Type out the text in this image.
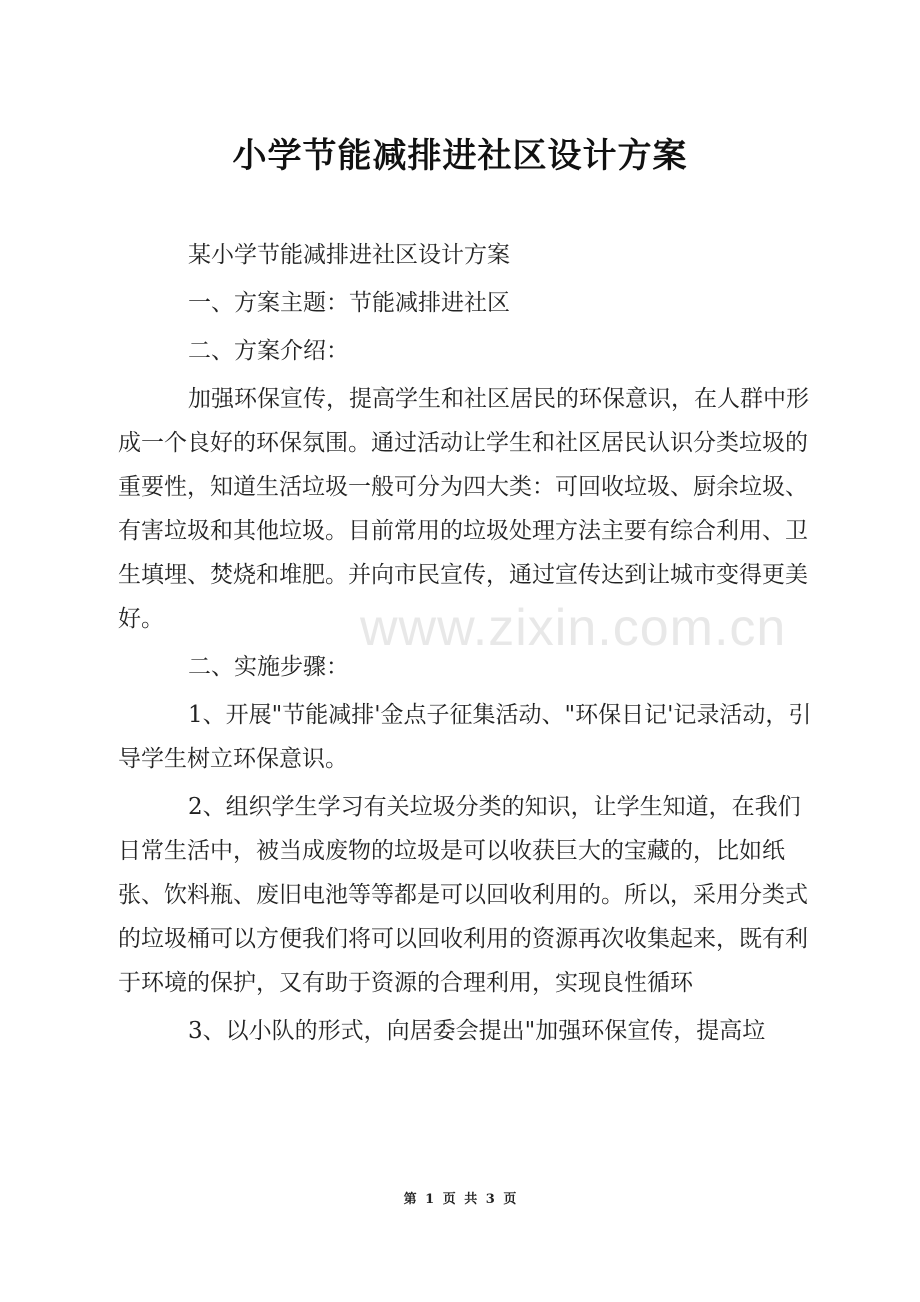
小学节能减排进社区设计方案

某小学节能减排进社区设计方案

一、方案主题：节能减排进社区

二、方案介绍：

加强环保宣传，提高学生和社区居民的环保意识，在人群中形成一个良好的环保氛围。通过活动让学生和社区居民认识分类垃圾的重要性，知道生活垃圾一般可分为四大类：可回收垃圾、厨余垃圾、有害垃圾和其他垃圾。目前常用的垃圾处理方法主要有综合利用、卫生填埋、焚烧和堆肥。并向市民宣传，通过宣传达到让城市变得更美好。

二、实施步骤：

1、开展"节能减排'金点子征集活动、"环保日记'记录活动，引导学生树立环保意识。

2、组织学生学习有关垃圾分类的知识，让学生知道，在我们日常生活中，被当成废物的垃圾是可以收获巨大的宝藏的，比如纸张、饮料瓶、废旧电池等等都是可以回收利用的。所以，采用分类式的垃圾桶可以方便我们将可以回收利用的资源再次收集起来，既有利于环境的保护，又有助于资源的合理利用，实现良性循环

3、以小队的形式，向居委会提出"加强环保宣传，提高垃

www.zixin.com.cn
第 1 页 共 3 页
